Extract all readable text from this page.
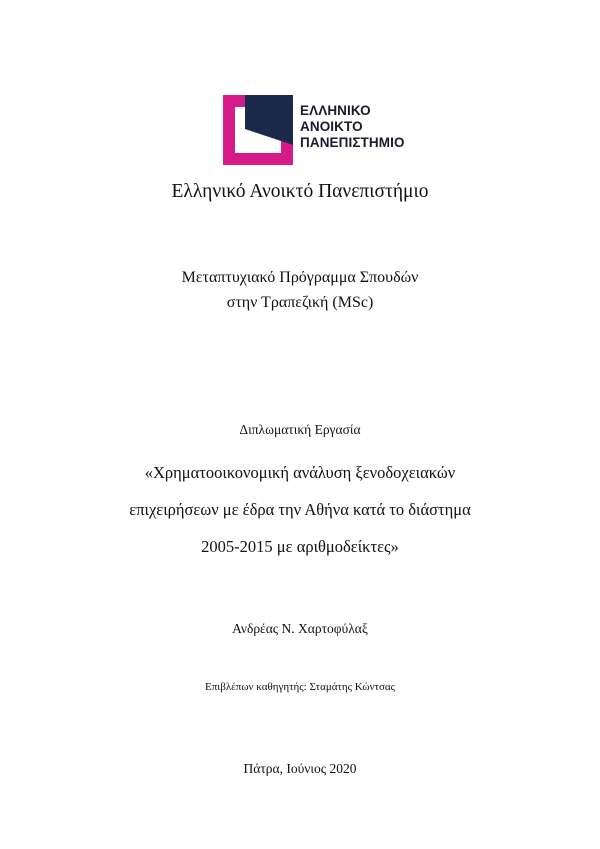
ΕΛΛΗΝΙΚΟ
ΑΝΟΙΚΤΟ
ΠΑΝΕΠΙΣΤΗΜΙΟ
Ελληνικό Ανοικτό Πανεπιστήμιο
Μεταπτυχιακό Πρόγραμμα Σπουδών
στην Τραπεζική (MSc)
Διπλωματική Εργασία
«Χρηματοοικονομική ανάλυση ξενοδοχειακών
επιχειρήσεων με έδρα την Αθήνα κατά το διάστημα
2005-2015 με αριθμοδείκτες»
Ανδρέας Ν. Χαρτοφύλαξ
Επιβλέπων καθηγητής: Σταμάτης Κώντσας
Πάτρα, Ιούνιος 2020
